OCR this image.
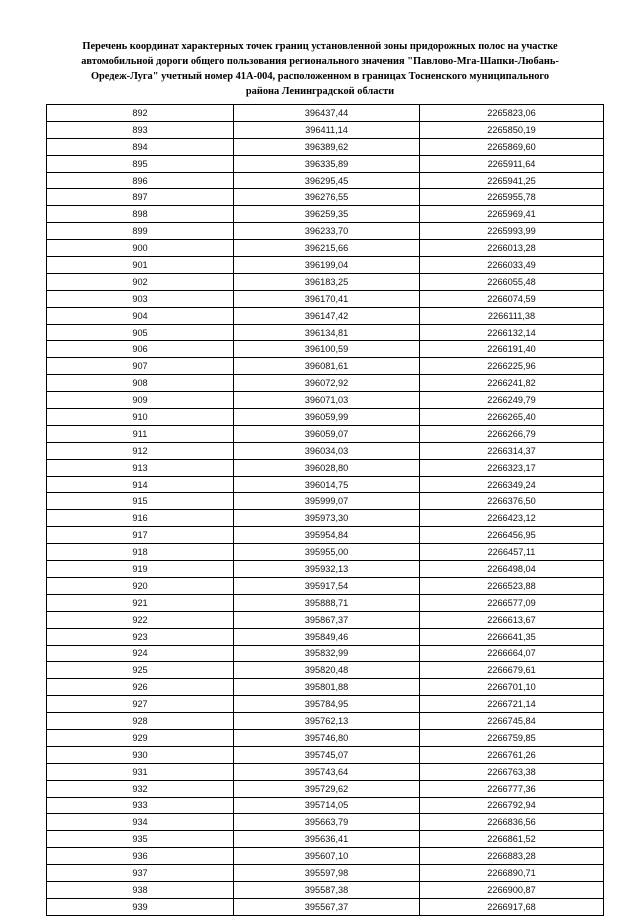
Перечень координат характерных точек границ установленной зоны придорожных полос на участке
автомобильной дороги общего пользования регионального значения "Павлово-Мга-Шапки-Любань-
Оредеж-Луга" учетный номер 41А-004, расположенном в границах Тосненского муниципального
района Ленинградской области
892	396437,44	2265823,06
893	396411,14	2265850,19
894	396389,62	2265869,60
895	396335,89	2265911,64
896	396295,45	2265941,25
897	396276,55	2265955,78
898	396259,35	2265969,41
899	396233,70	2265993,99
900	396215,66	2266013,28
901	396199,04	2266033,49
902	396183,25	2266055,48
903	396170,41	2266074,59
904	396147,42	2266111,38
905	396134,81	2266132,14
906	396100,59	2266191,40
907	396081,61	2266225,96
908	396072,92	2266241,82
909	396071,03	2266249,79
910	396059,99	2266265,40
911	396059,07	2266266,79
912	396034,03	2266314,37
913	396028,80	2266323,17
914	396014,75	2266349,24
915	395999,07	2266376,50
916	395973,30	2266423,12
917	395954,84	2266456,95
918	395955,00	2266457,11
919	395932,13	2266498,04
920	395917,54	2266523,88
921	395888,71	2266577,09
922	395867,37	2266613,67
923	395849,46	2266641,35
924	395832,99	2266664,07
925	395820,48	2266679,61
926	395801,88	2266701,10
927	395784,95	2266721,14
928	395762,13	2266745,84
929	395746,80	2266759,85
930	395745,07	2266761,26
931	395743,64	2266763,38
932	395729,62	2266777,36
933	395714,05	2266792,94
934	395663,79	2266836,56
935	395636,41	2266861,52
936	395607,10	2266883,28
937	395597,98	2266890,71
938	395587,38	2266900,87
939	395567,37	2266917,68
